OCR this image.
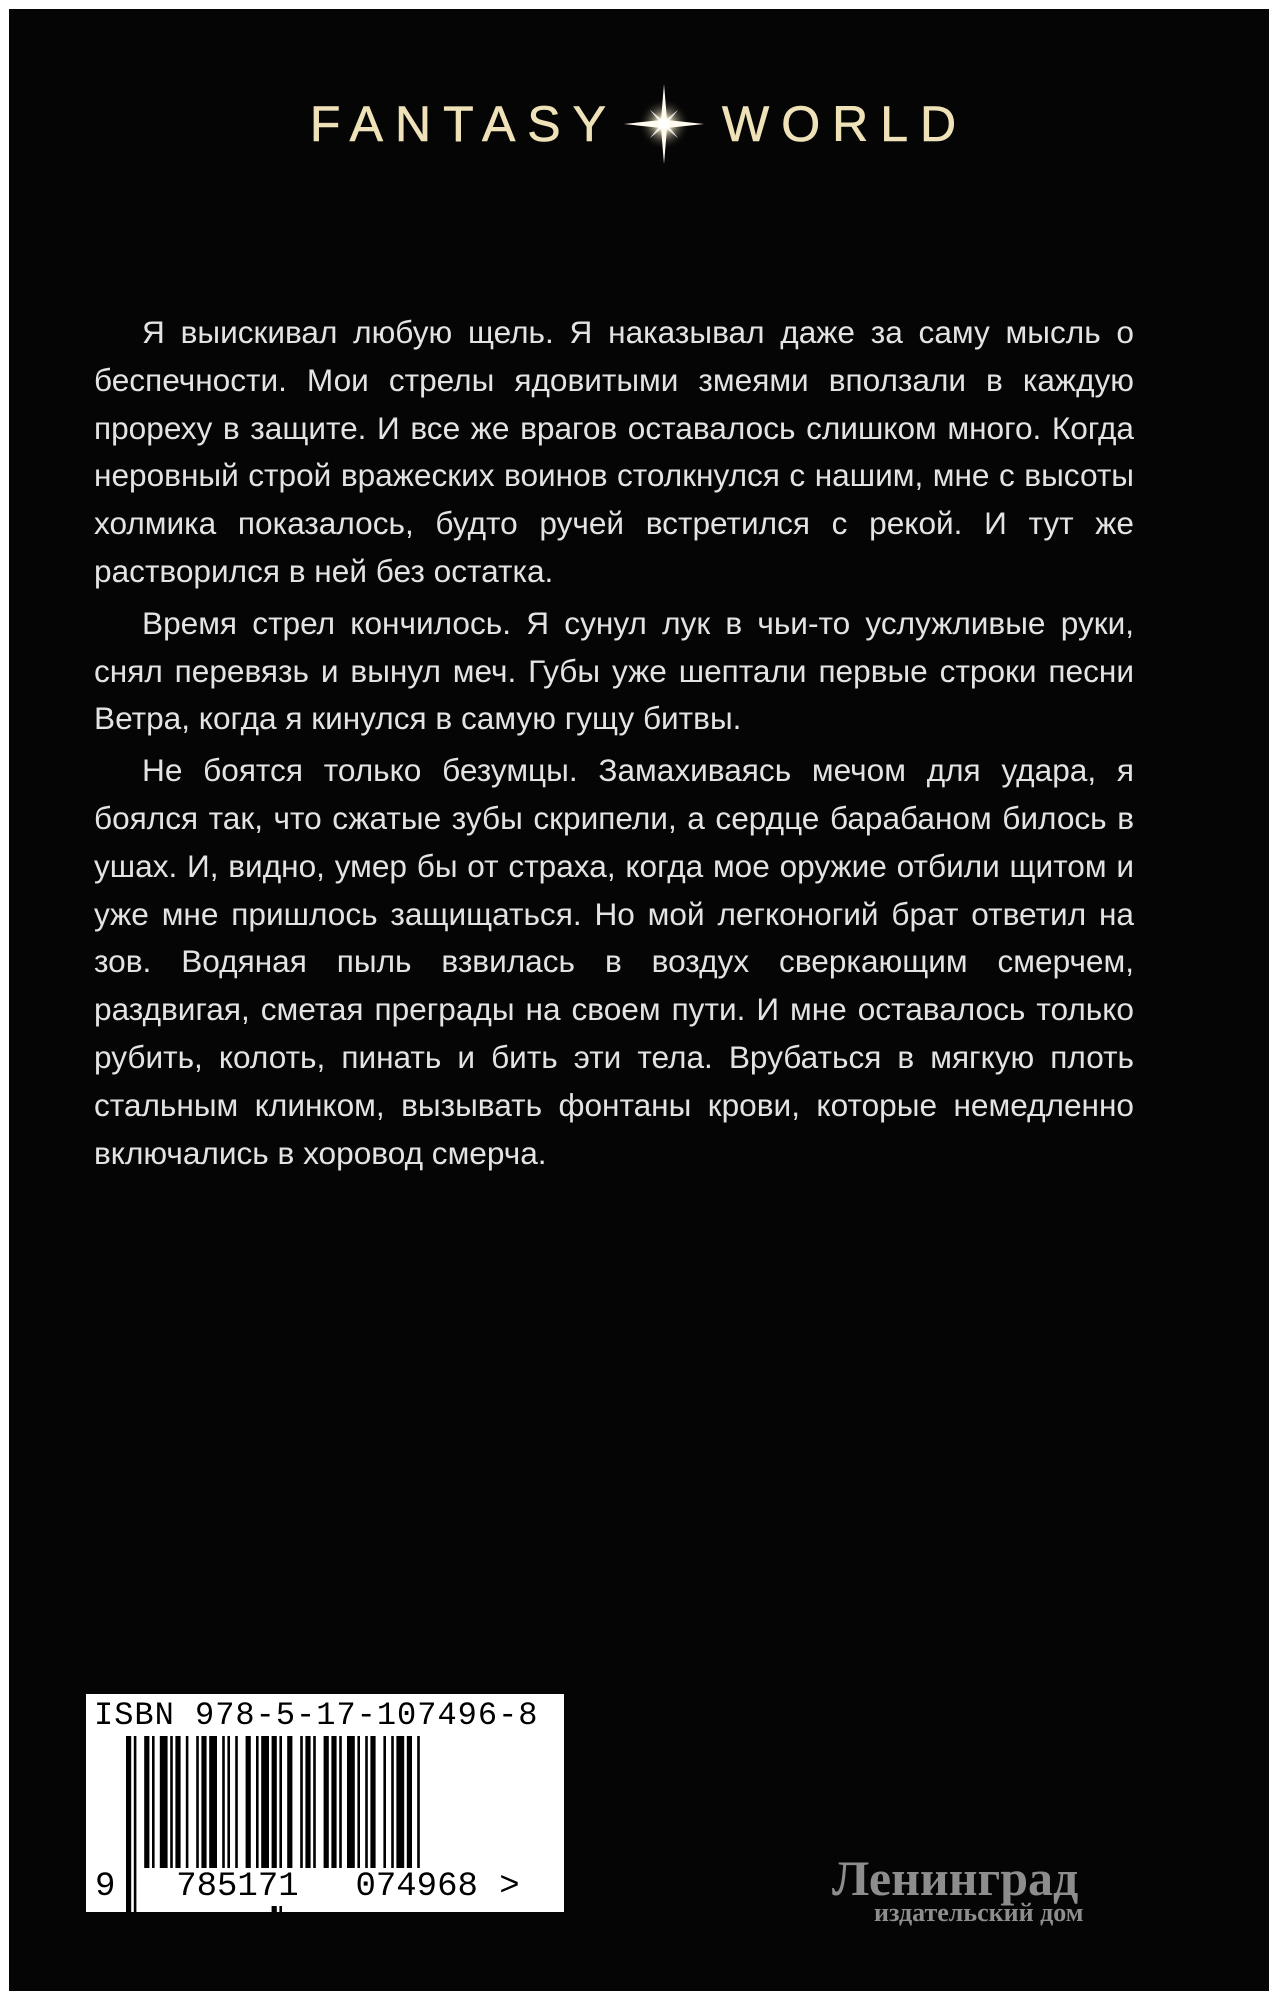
FANTASY WORLD

Я выискивал любую щель. Я наказывал даже за саму мысль о беспечности. Мои стрелы ядовитыми змеями вползали в каждую прореху в защите. И все же врагов оставалось слишком много. Когда неровный строй вражеских воинов столкнулся с нашим, мне с высоты холмика показалось, будто ручей встретился с рекой. И тут же растворился в ней без остатка.

Время стрел кончилось. Я сунул лук в чьи-то услужливые руки, снял перевязь и вынул меч. Губы уже шептали первые строки песни Ветра, когда я кинулся в самую гущу битвы.

Не боятся только безумцы. Замахиваясь мечом для удара, я боялся так, что сжатые зубы скрипели, а сердце барабаном билось в ушах. И, видно, умер бы от страха, когда мое оружие отбили щитом и уже мне пришлось защищаться. Но мой легконогий брат ответил на зов. Водяная пыль взвилась в воздух сверкающим смерчем, раздвигая, сметая преграды на своем пути. И мне оставалось только рубить, колоть, пинать и бить эти тела. Врубаться в мягкую плоть стальным клинком, вызывать фонтаны крови, которые немедленно включались в хоровод смерча.

ISBN 978-5-17-107496-8
9 785171 074968 >	Ленинград
издательский дом
